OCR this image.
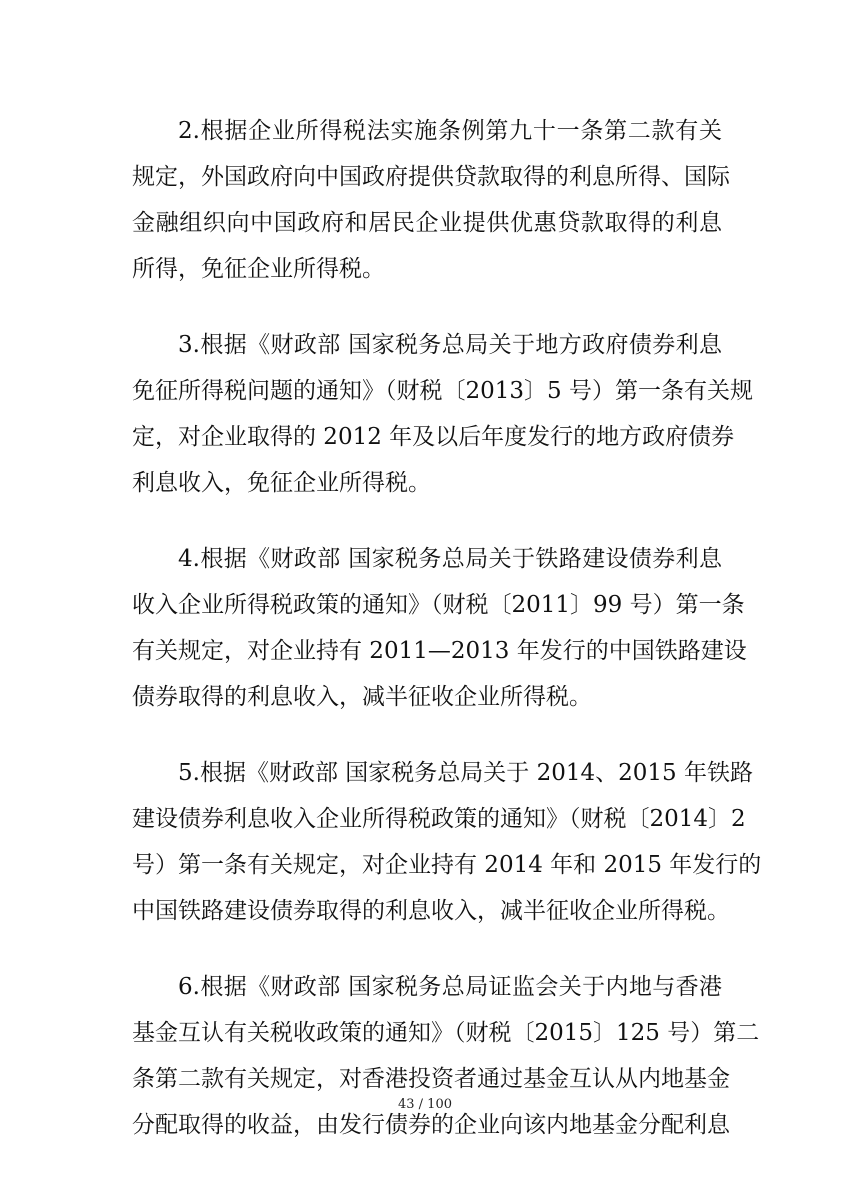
2.根据企业所得税法实施条例第九十一条第二款有关
规定，外国政府向中国政府提供贷款取得的利息所得、国际
金融组织向中国政府和居民企业提供优惠贷款取得的利息
所得，免征企业所得税。
3.根据《财政部 国家税务总局关于地方政府债券利息
免征所得税问题的通知》（财税〔2013〕5 号）第一条有关规
定，对企业取得的 2012 年及以后年度发行的地方政府债券
利息收入，免征企业所得税。
4.根据《财政部 国家税务总局关于铁路建设债券利息
收入企业所得税政策的通知》（财税〔2011〕99 号）第一条
有关规定，对企业持有 2011—2013 年发行的中国铁路建设
债券取得的利息收入，减半征收企业所得税。
5.根据《财政部 国家税务总局关于 2014、2015 年铁路
建设债券利息收入企业所得税政策的通知》（财税〔2014〕2
号）第一条有关规定，对企业持有 2014 年和 2015 年发行的
中国铁路建设债券取得的利息收入，减半征收企业所得税。
6.根据《财政部 国家税务总局证监会关于内地与香港
基金互认有关税收政策的通知》（财税〔2015〕125 号）第二
条第二款有关规定，对香港投资者通过基金互认从内地基金
分配取得的收益，由发行债券的企业向该内地基金分配利息
43 / 100
